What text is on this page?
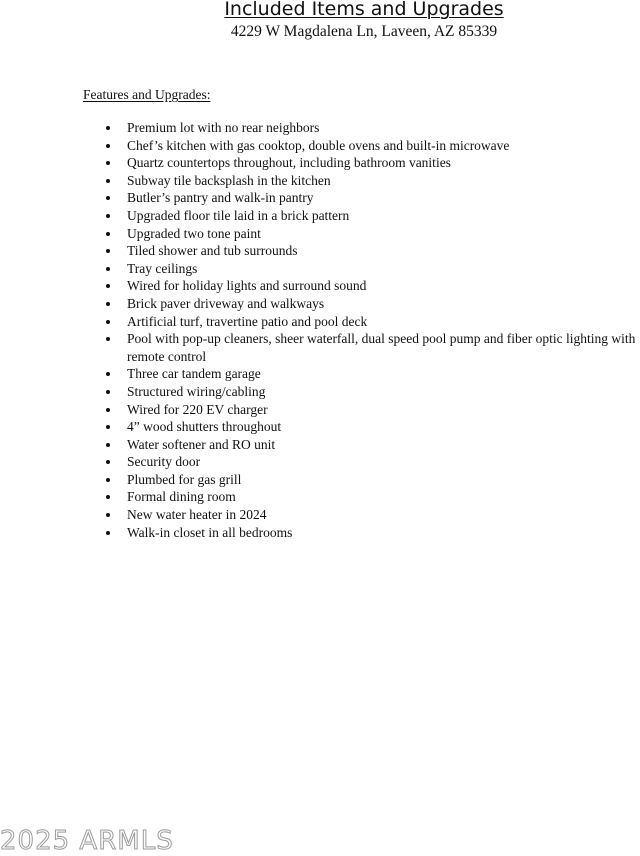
Included Items and Upgrades
4229 W Magdalena Ln, Laveen, AZ 85339
Features and Upgrades:
Premium lot with no rear neighbors
Chef’s kitchen with gas cooktop, double ovens and built-in microwave
Quartz countertops throughout, including bathroom vanities
Subway tile backsplash in the kitchen
Butler’s pantry and walk-in pantry
Upgraded floor tile laid in a brick pattern
Upgraded two tone paint
Tiled shower and tub surrounds
Tray ceilings
Wired for holiday lights and surround sound
Brick paver driveway and walkways
Artificial turf, travertine patio and pool deck
Pool with pop-up cleaners, sheer waterfall, dual speed pool pump and fiber optic lighting with remote control
Three car tandem garage
Structured wiring/cabling
Wired for 220 EV charger
4” wood shutters throughout
Water softener and RO unit
Security door
Plumbed for gas grill
Formal dining room
New water heater in 2024
Walk-in closet in all bedrooms
2025 ARMLS
